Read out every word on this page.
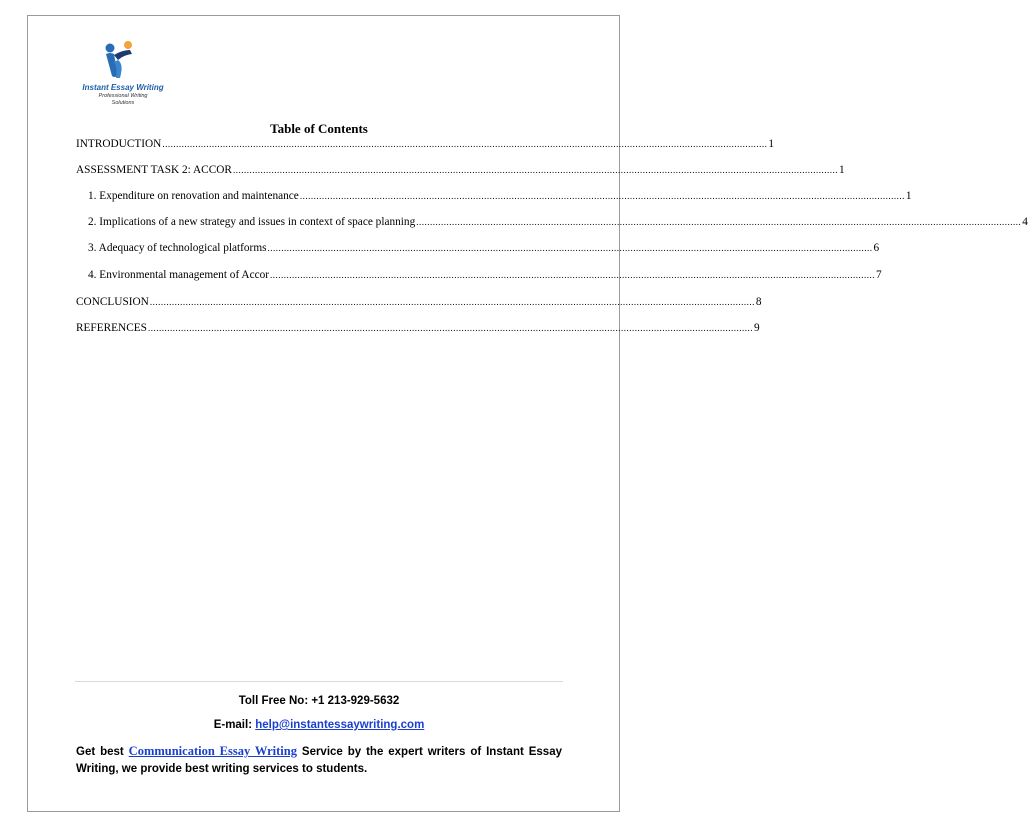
Instant Essay Writing
Professional Writing
Solutions
Table of Contents
INTRODUCTION ............................................................................................................................................................................................................................ 1
ASSESSMENT TASK 2: ACCOR ............................................................................................................................................................................................................................ 1
1. Expenditure on renovation and maintenance ............................................................................................................................................................................................................................ 1
2. Implications of a new strategy and issues in context of space planning ............................................................................................................................................................................................................................ 4
3. Adequacy of technological platforms ............................................................................................................................................................................................................................ 6
4. Environmental management of Accor ............................................................................................................................................................................................................................ 7
CONCLUSION ............................................................................................................................................................................................................................ 8
REFERENCES ............................................................................................................................................................................................................................ 9
Toll Free No: +1 213-929-5632
E-mail: help@instantessaywriting.com
Get best Communication Essay Writing Service by the expert writers of Instant Essay Writing, we provide best writing services to students.
